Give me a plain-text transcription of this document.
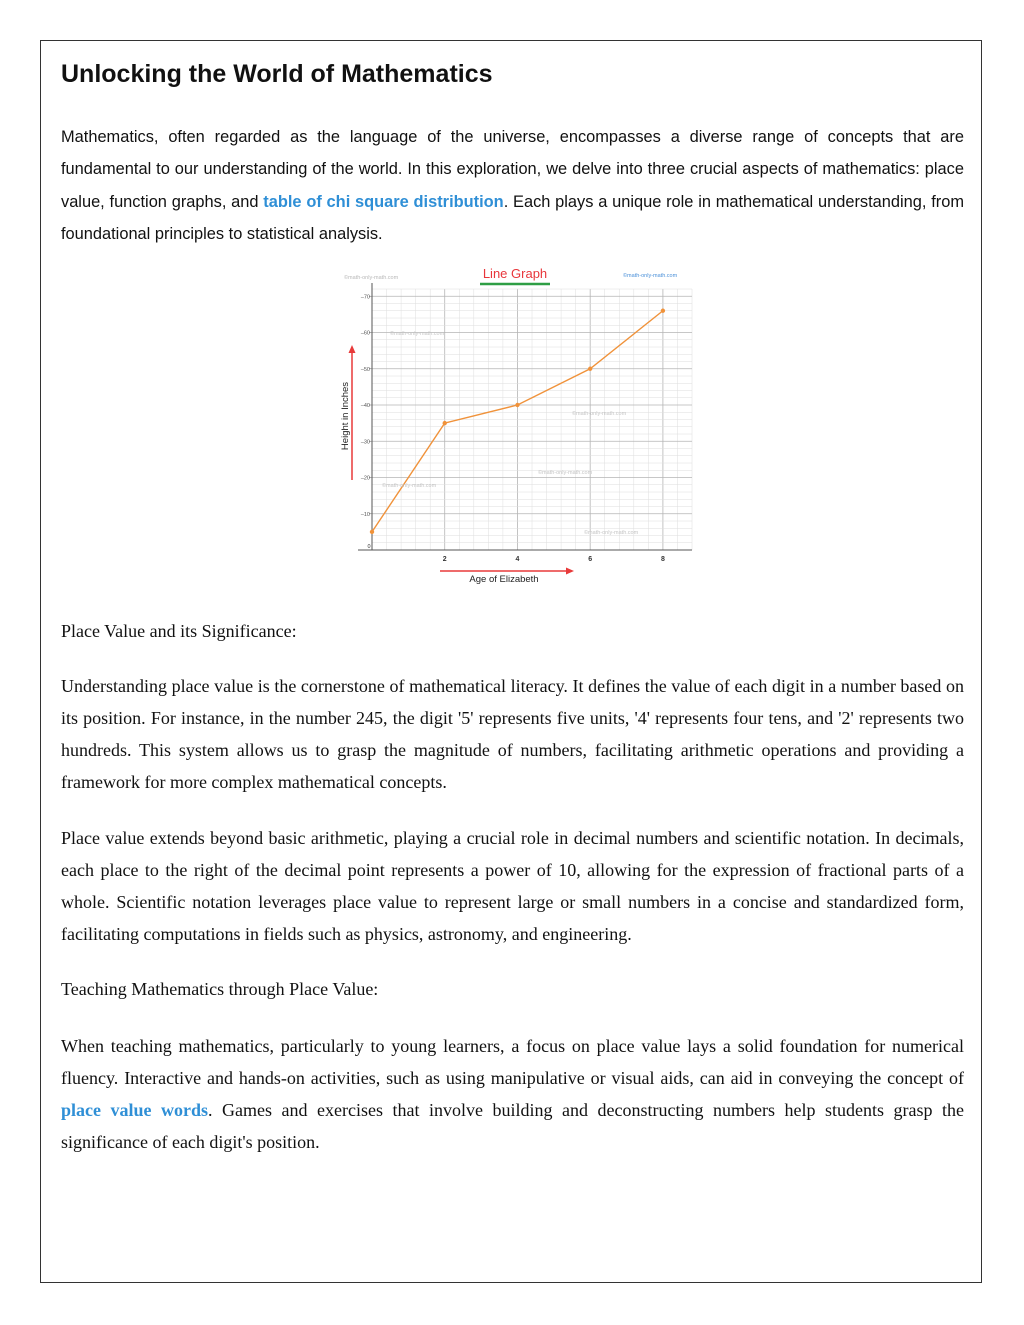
Unlocking the World of Mathematics

Mathematics, often regarded as the language of the universe, encompasses a diverse range of concepts that are fundamental to our understanding of the world. In this exploration, we delve into three crucial aspects of mathematics: place value, function graphs, and table of chi square distribution. Each plays a unique role in mathematical understanding, from foundational principles to statistical analysis.

0
2	4	6	8
–10
–20
–30
–40
–50
–60
–70
Line Graph
©math-only-math.com	©math-only-math.com
©math-only-math.com
©math-only-math.com
©math-only-math.com
©math-only-math.com
©math-only-math.com
Height in Inches
Age of Elizabeth
Place Value and its Significance:

Understanding place value is the cornerstone of mathematical literacy. It defines the value of each digit in a number based on its position. For instance, in the number 245, the digit '5' represents five units, '4' represents four tens, and '2' represents two hundreds. This system allows us to grasp the magnitude of numbers, facilitating arithmetic operations and providing a framework for more complex mathematical concepts.

Place value extends beyond basic arithmetic, playing a crucial role in decimal numbers and scientific notation. In decimals, each place to the right of the decimal point represents a power of 10, allowing for the expression of fractional parts of a whole. Scientific notation leverages place value to represent large or small numbers in a concise and standardized form, facilitating computations in fields such as physics, astronomy, and engineering.

Teaching Mathematics through Place Value:

When teaching mathematics, particularly to young learners, a focus on place value lays a solid foundation for numerical fluency. Interactive and hands-on activities, such as using manipulative or visual aids, can aid in conveying the concept of place value words. Games and exercises that involve building and deconstructing numbers help students grasp the significance of each digit's position.
